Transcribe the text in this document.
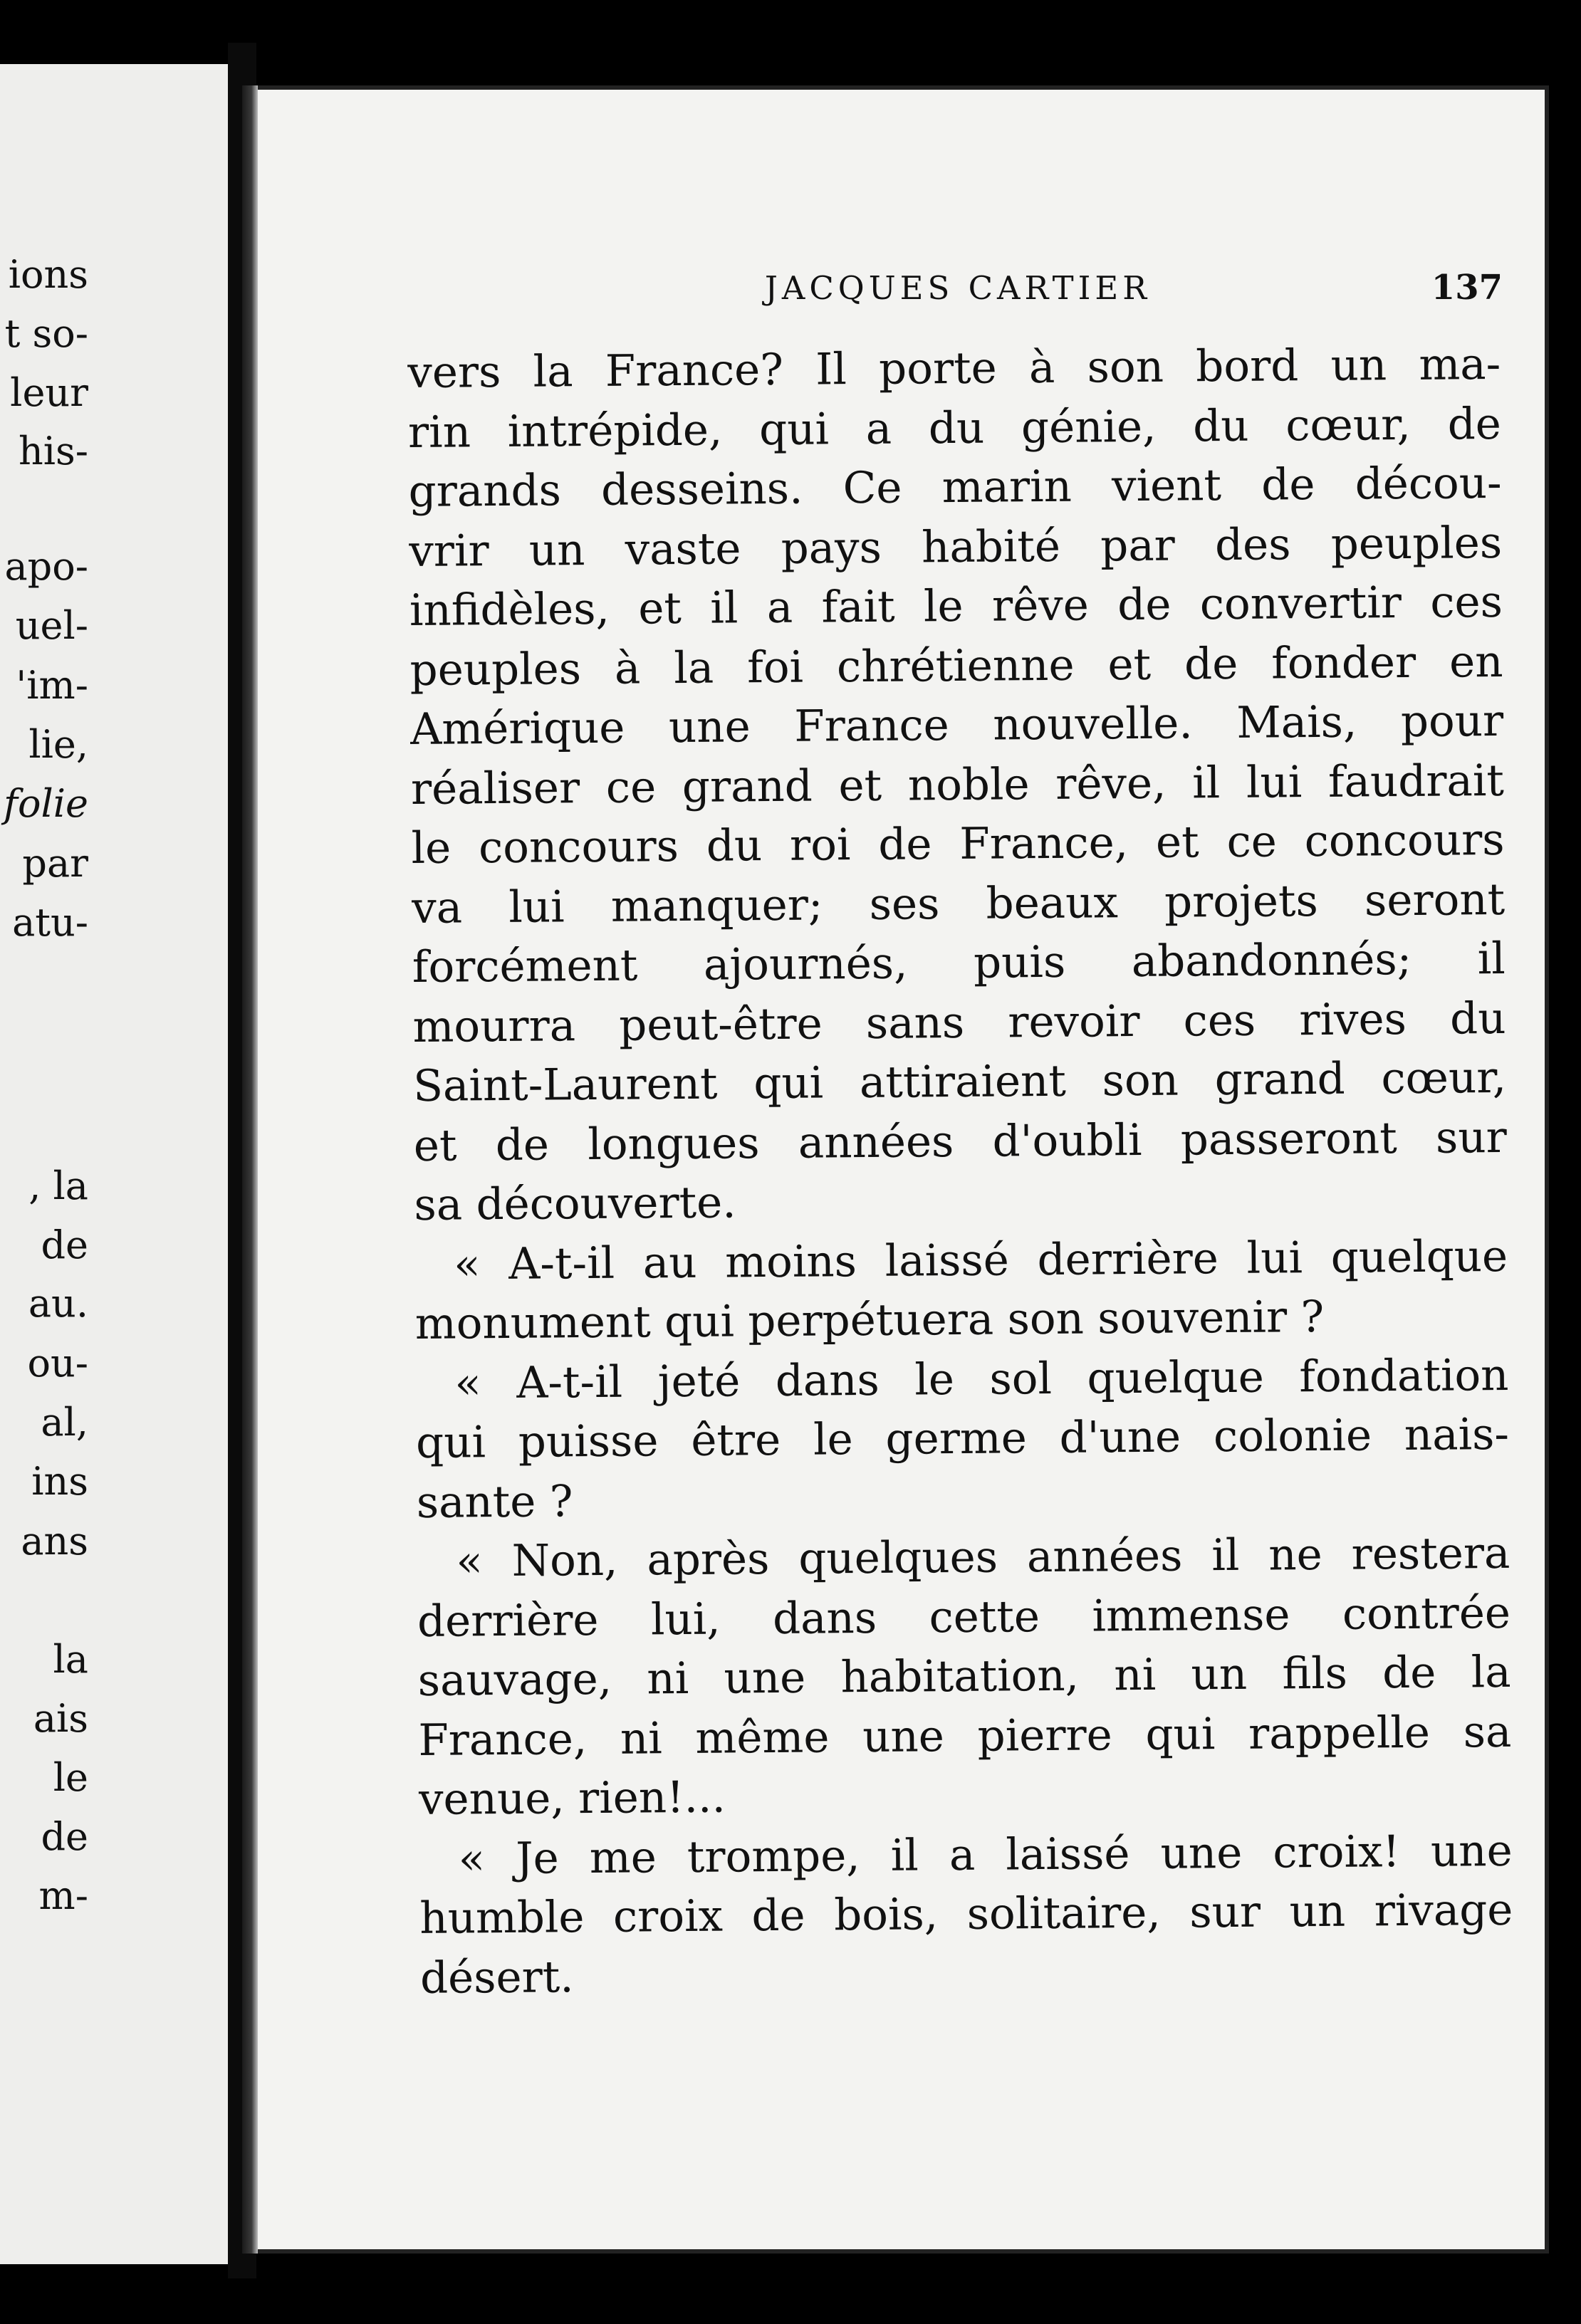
ions
t so-
leur
his-
apo-
uel-
'im-
lie,
folie
par
atu-
, la
de
au.
ou-
al,
ins
ans
la
ais
le
de
m-
JACQUES CARTIER	137
vers la France? Il porte à son bord un ma-
rin intrépide, qui a du génie, du cœur, de
grands desseins. Ce marin vient de décou-
vrir un vaste pays habité par des peuples
infidèles, et il a fait le rêve de convertir ces
peuples à la foi chrétienne et de fonder en
Amérique une France nouvelle. Mais, pour
réaliser ce grand et noble rêve, il lui faudrait
le concours du roi de France, et ce concours
va lui manquer; ses beaux projets seront
forcément ajournés, puis abandonnés; il
mourra peut-être sans revoir ces rives du
Saint-Laurent qui attiraient son grand cœur,
et de longues années d'oubli passeront sur
sa découverte.
« A-t-il au moins laissé derrière lui quelque
monument qui perpétuera son souvenir ?
« A-t-il jeté dans le sol quelque fondation
qui puisse être le germe d'une colonie nais-
sante ?
« Non, après quelques années il ne restera
derrière lui, dans cette immense contrée
sauvage, ni une habitation, ni un fils de la
France, ni même une pierre qui rappelle sa
venue, rien!...
« Je me trompe, il a laissé une croix! une
humble croix de bois, solitaire, sur un rivage
désert.
